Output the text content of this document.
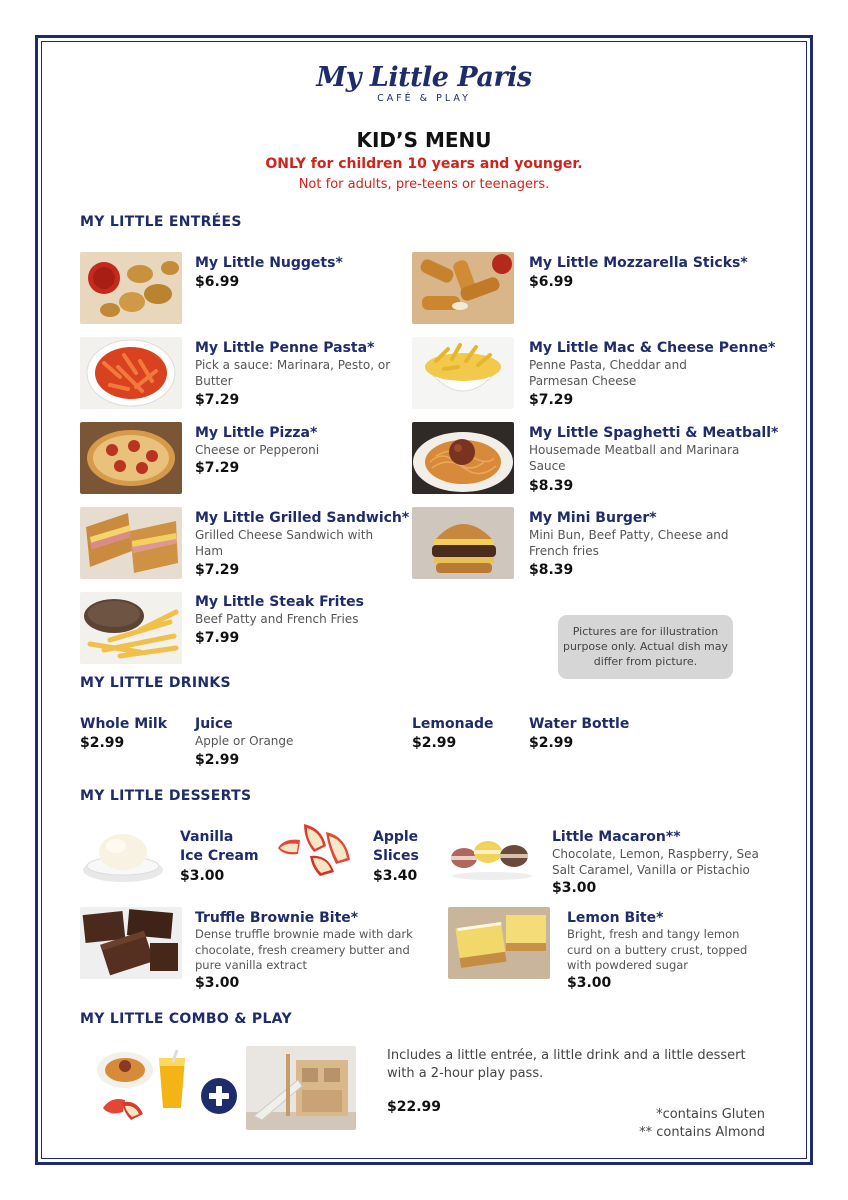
My Little Paris
CAFÉ & PLAY
KID’S MENU
ONLY for children 10 years and younger.
Not for adults, pre-teens or teenagers.
MY LITTLE ENTRÉES
My Little Nuggets*
$6.99
My Little Mozzarella Sticks*
$6.99
My Little Penne Pasta*
Pick a sauce: Marinara, Pesto, or Butter
$7.29
My Little Mac & Cheese Penne*
Penne Pasta, Cheddar and Parmesan Cheese
$7.29
My Little Pizza*
Cheese or Pepperoni
$7.29
My Little Spaghetti & Meatball*
Housemade Meatball and Marinara Sauce
$8.39
My Little Grilled Sandwich*
Grilled Cheese Sandwich with Ham
$7.29
My Mini Burger*
Mini Bun, Beef Patty, Cheese and French fries
$8.39
My Little Steak Frites
Beef Patty and French Fries
$7.99	Pictures are for illustration purpose only. Actual dish may differ from picture.
MY LITTLE DRINKS
Whole Milk
$2.99
Juice
Apple or Orange
$2.99
Lemonade
$2.99
Water Bottle
$2.99
MY LITTLE DESSERTS
Vanilla
Ice Cream
$3.00
Apple
Slices
$3.40
Little Macaron**
Chocolate, Lemon, Raspberry, Sea Salt Caramel, Vanilla or Pistachio
$3.00
Truffle Brownie Bite*
Dense truffle brownie made with dark chocolate, fresh creamery butter and pure vanilla extract
$3.00
Lemon Bite*
Bright, fresh and tangy lemon curd on a buttery crust, topped with powdered sugar
$3.00
MY LITTLE COMBO & PLAY
Includes a little entrée, a little drink and a little dessert with a 2-hour play pass.
$22.99	*contains Gluten
** contains Almond
